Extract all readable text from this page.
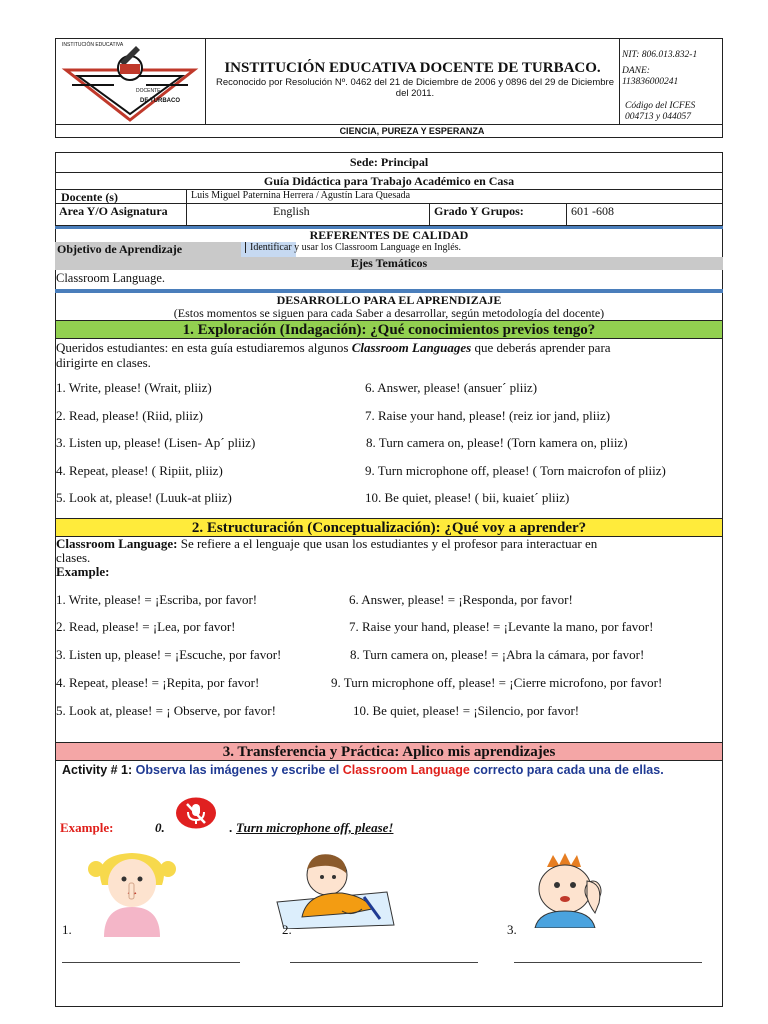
INSTITUCIÓN EDUCATIVA
DOCENTE
DE TURBACO
INSTITUCIÓN EDUCATIVA DOCENTE DE TURBACO.
Reconocido por Resolución Nº. 0462 del 21 de Diciembre de 2006 y 0896 del 29 de Diciembre del 2011.
CIENCIA, PUREZA Y ESPERANZA
NIT: 806.013.832-1
DANE:
113836000241
Código del ICFES
004713 y 044057
Sede: Principal
Guía Didáctica para Trabajo Académico en Casa
Docente (s)	Luis Miguel Paternina Herrera / Agustín Lara Quesada
Area Y/O Asignatura	English	Grado Y Grupos:	601 -608
REFERENTES DE CALIDAD
Objetivo de Aprendizaje	Identificar y usar los Classroom Language en Inglés.
Ejes Temáticos
Classroom Language.
DESARROLLO PARA EL APRENDIZAJE
(Estos momentos se siguen para cada Saber a desarrollar, según metodología del docente)
1. Exploración (Indagación): ¿Qué conocimientos previos tengo?
Queridos estudiantes: en esta guía estudiaremos algunos Classroom Languages que deberás aprender para
dirigirte en clases.
1. Write, please! (Wrait, pliiz)
2. Read, please! (Riid, pliiz)
3. Listen up, please! (Lisen- Ap´ pliiz)
4. Repeat, please! ( Ripiit, pliiz)
5. Look at, please! (Luuk-at pliiz)
6. Answer, please! (ansuer´ pliiz)
7. Raise your hand, please! (reiz ior jand, pliiz)
8. Turn camera on, please! (Torn kamera on, pliiz)
9. Turn microphone off, please! ( Torn maicrofon of pliiz)
10. Be quiet, please! ( bii, kuaiet´ pliiz)
2. Estructuración (Conceptualización): ¿Qué voy a aprender?
Classroom Language: Se refiere a el lenguaje que usan los estudiantes y el profesor para interactuar en
clases.
Example:
1. Write, please! = ¡Escriba, por favor!
2. Read, please! = ¡Lea, por favor!
3. Listen up, please! = ¡Escuche, por favor!
4. Repeat, please! = ¡Repita, por favor!
5. Look at, please! = ¡ Observe, por favor!
6. Answer, please! = ¡Responda, por favor!
7. Raise your hand, please! = ¡Levante la mano, por favor!
8. Turn camera on, please! = ¡Abra la cámara, por favor!
9. Turn microphone off, please! = ¡Cierre microfono, por favor!
10. Be quiet, please! = ¡Silencio, por favor!
3. Transferencia y Práctica: Aplico mis aprendizajes
Activity # 1: Observa las imágenes y escribe el Classroom Language correcto para cada una de ellas.
Example:	0.	. Turn microphone off, please!
1.	2.	3.
